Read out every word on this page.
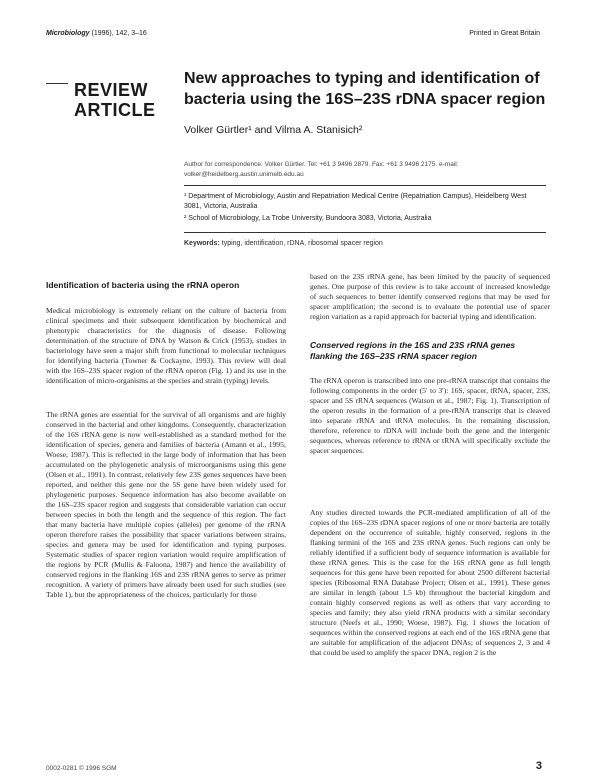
Microbiology (1996), 142, 3–16	Printed in Great Britain
REVIEW
ARTICLE
New approaches to typing and identification of bacteria using the 16S–23S rDNA spacer region
Volker Gürtler¹ and Vilma A. Stanisich²
Author for correspondence: Volker Gürtler. Tel: +61 3 9496 2879. Fax: +61 3 9496 2175. e-mail: volker@heidelberg.austin.unimelb.edu.au
¹ Department of Microbiology, Austin and Repatriation Medical Centre (Repatriation Campus), Heidelberg West 3081, Victoria, Australia
² School of Microbiology, La Trobe University, Bundoora 3083, Victoria, Australia
Keywords: typing, identification, rDNA, ribosomal spacer region
Identification of bacteria using the rRNA operon

Medical microbiology is extremely reliant on the culture of bacteria from clinical specimens and their subsequent identification by biochemical and phenotypic characteristics for the diagnosis of disease. Following determination of the structure of DNA by Watson & Crick (1953), studies in bacteriology have seen a major shift from functional to molecular techniques for identifying bacteria (Towner & Cockayne, 1993). This review will deal with the 16S–23S spacer region of the rRNA operon (Fig. 1) and its use in the identification of micro-organisms at the species and strain (typing) levels.

The rRNA genes are essential for the survival of all organisms and are highly conserved in the bacterial and other kingdoms. Consequently, characterization of the 16S rRNA gene is now well-established as a standard method for the identification of species, genera and families of bacteria (Amann et al., 1995; Woese, 1987). This is reflected in the large body of information that has been accumulated on the phylogenetic analysis of microorganisms using this gene (Olsen et al., 1991). In contrast, relatively few 23S genes sequences have been reported, and neither this gene nor the 5S gene have been widely used for phylogenetic purposes. Sequence information has also become available on the 16S–23S spacer region and suggests that considerable variation can occur between species in both the length and the sequence of this region. The fact that many bacteria have multiple copies (alleles) per genome of the rRNA operon therefore raises the possibility that spacer variations between strains, species and genera may be used for identification and typing purposes. Systematic studies of spacer region variation would require amplification of the regions by PCR (Mullis & Faloona, 1987) and hence the availability of conserved regions in the flanking 16S and 23S rRNA genes to serve as primer recognition. A variety of primers have already been used for such studies (see Table 1), but the appropriateness of the choices, particularly for those

based on the 23S rRNA gene, has been limited by the paucity of sequenced genes. One purpose of this review is to take account of increased knowledge of such sequences to better identify conserved regions that may be used for spacer amplification; the second is to evaluate the potential use of spacer region variation as a rapid approach for bacterial typing and identification.

Conserved regions in the 16S and 23S rRNA genes flanking the 16S–23S rRNA spacer region

The rRNA operon is transcribed into one pre-rRNA transcript that contains the following components in the order (5′ to 3′): 16S, spacer, tRNA, spacer, 23S, spacer and 5S rRNA sequences (Watson et al., 1987; Fig. 1). Transcription of the operon results in the formation of a pre-rRNA transcript that is cleaved into separate rRNA and tRNA molecules. In the remaining discussion, therefore, reference to rDNA will include both the gene and the intergenic sequences, whereas reference to rRNA or tRNA will specifically exclude the spacer sequences.

Any studies directed towards the PCR-mediated amplification of all of the copies of the 16S–23S rDNA spacer regions of one or more bacteria are totally dependent on the occurrence of suitable, highly conserved, regions in the flanking termini of the 16S and 23S rRNA genes. Such regions can only be reliably identified if a sufficient body of sequence information is available for these rRNA genes. This is the case for the 16S rRNA gene as full length sequences for this gene have been reported for about 2500 different bacterial species (Ribosomal RNA Database Project; Olsen et al., 1991). These genes are similar in length (about 1.5 kb) throughout the bacterial kingdom and contain highly conserved regions as well as others that vary according to species and family; they also yield rRNA products with a similar secondary structure (Neefs et al., 1990; Woese, 1987). Fig. 1 shows the location of sequences within the conserved regions at each end of the 16S rRNA gene that are suitable for amplification of the adjacent DNAs; of sequences 2, 3 and 4 that could be used to amplify the spacer DNA, region 2 is the

0002-0281 © 1996 SGM	3
